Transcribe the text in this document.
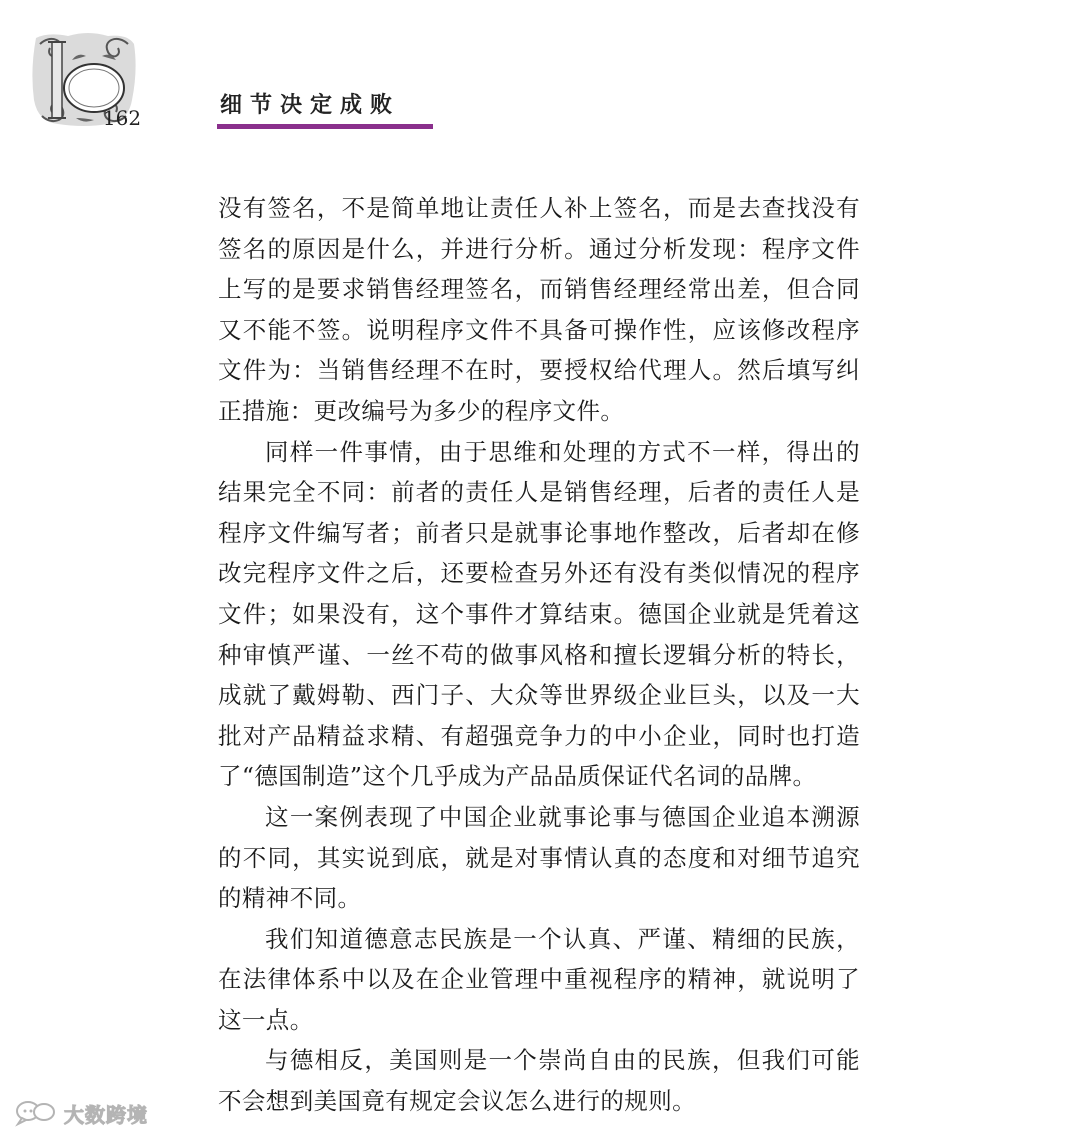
162	细节决定成败

没有签名，不是简单地让责任人补上签名，而是去查找没有签名的原因是什么，并进行分析。通过分析发现：程序文件上写的是要求销售经理签名，而销售经理经常出差，但合同又不能不签。说明程序文件不具备可操作性，应该修改程序文件为：当销售经理不在时，要授权给代理人。然后填写纠正措施：更改编号为多少的程序文件。

同样一件事情，由于思维和处理的方式不一样，得出的结果完全不同：前者的责任人是销售经理，后者的责任人是程序文件编写者；前者只是就事论事地作整改，后者却在修改完程序文件之后，还要检查另外还有没有类似情况的程序文件；如果没有，这个事件才算结束。德国企业就是凭着这种审慎严谨、一丝不苟的做事风格和擅长逻辑分析的特长，成就了戴姆勒、西门子、大众等世界级企业巨头，以及一大批对产品精益求精、有超强竞争力的中小企业，同时也打造了“德国制造”这个几乎成为产品品质保证代名词的品牌。

这一案例表现了中国企业就事论事与德国企业追本溯源的不同，其实说到底，就是对事情认真的态度和对细节追究的精神不同。

我们知道德意志民族是一个认真、严谨、精细的民族，在法律体系中以及在企业管理中重视程序的精神，就说明了这一点。

与德相反，美国则是一个崇尚自由的民族，但我们可能不会想到美国竟有规定会议怎么进行的规则。

大数跨境
